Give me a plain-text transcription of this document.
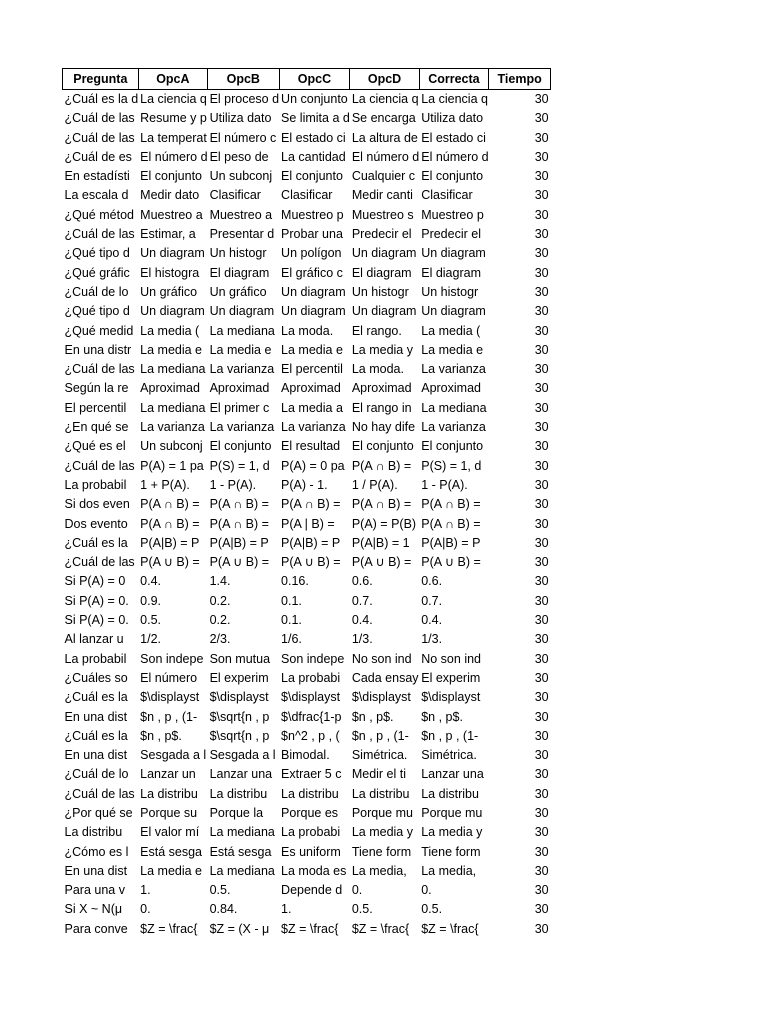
Pregunta	OpcA	OpcB	OpcC	OpcD	Correcta	Tiempo
¿Cuál es la d	La ciencia q	El proceso d	Un conjunto	La ciencia q	La ciencia q	30
¿Cuál de las	Resume y p	Utiliza dato	Se limita a d	Se encarga	Utiliza dato	30
¿Cuál de las	La temperat	El número c	El estado ci	La altura de	El estado ci	30
¿Cuál de es	El número d	El peso de	La cantidad	El número d	El número d	30
En estadísti	El conjunto	Un subconj	El conjunto	Cualquier c	El conjunto	30
La escala d	Medir dato	Clasificar	Clasificar	Medir canti	Clasificar	30
¿Qué métod	Muestreo a	Muestreo a	Muestreo p	Muestreo s	Muestreo p	30
¿Cuál de las	Estimar, a	Presentar d	Probar una	Predecir el	Predecir el	30
¿Qué tipo d	Un diagram	Un histogr	Un polígon	Un diagram	Un diagram	30
¿Qué gráfic	El histogra	El diagram	El gráfico c	El diagram	El diagram	30
¿Cuál de lo	Un gráfico	Un gráfico	Un diagram	Un histogr	Un histogr	30
¿Qué tipo d	Un diagram	Un diagram	Un diagram	Un diagram	Un diagram	30
¿Qué medid	La media (	La mediana	La moda.	El rango.	La media (	30
En una distr	La media e	La media e	La media e	La media y	La media e	30
¿Cuál de las	La mediana	La varianza	El percentil	La moda.	La varianza	30
Según la re	Aproximad	Aproximad	Aproximad	Aproximad	Aproximad	30
El percentil	La mediana	El primer c	La media a	El rango in	La mediana	30
¿En qué se	La varianza	La varianza	La varianza	No hay dife	La varianza	30
¿Qué es el	Un subconj	El conjunto	El resultad	El conjunto	El conjunto	30
¿Cuál de las	P(A) = 1 pa	P(S) = 1, d	P(A) = 0 pa	P(A ∩ B) =	P(S) = 1, d	30
La probabil	1 + P(A).	1 - P(A).	P(A) - 1.	1 / P(A).	1 - P(A).	30
Si dos even	P(A ∩ B) =	P(A ∩ B) =	P(A ∩ B) =	P(A ∩ B) =	P(A ∩ B) =	30
Dos evento	P(A ∩ B) =	P(A ∩ B) =	P(A | B) =	P(A) = P(B)	P(A ∩ B) =	30
¿Cuál es la	P(A|B) = P	P(A|B) = P	P(A|B) = P	P(A|B) = 1	P(A|B) = P	30
¿Cuál de las	P(A ∪ B) =	P(A ∪ B) =	P(A ∪ B) =	P(A ∪ B) =	P(A ∪ B) =	30
Si P(A) = 0	0.4.	1.4.	0.16.	0.6.	0.6.	30
Si P(A) = 0.	0.9.	0.2.	0.1.	0.7.	0.7.	30
Si P(A) = 0.	0.5.	0.2.	0.1.	0.4.	0.4.	30
Al lanzar u	1/2.	2/3.	1/6.	1/3.	1/3.	30
La probabil	Son indepe	Son mutua	Son indepe	No son ind	No son ind	30
¿Cuáles so	El número	El experim	La probabi	Cada ensay	El experim	30
¿Cuál es la	$\displayst	$\displayst	$\displayst	$\displayst	$\displayst	30
En una dist	$n , p , (1-	$\sqrt{n , p	$\dfrac{1-p	$n , p$.	$n , p$.	30
¿Cuál es la	$n , p$.	$\sqrt{n , p	$n^2 , p , (	$n , p , (1-	$n , p , (1-	30
En una dist	Sesgada a l	Sesgada a l	Bimodal.	Simétrica.	Simétrica.	30
¿Cuál de lo	Lanzar un	Lanzar una	Extraer 5 c	Medir el ti	Lanzar una	30
¿Cuál de las	La distribu	La distribu	La distribu	La distribu	La distribu	30
¿Por qué se	Porque su	Porque la	Porque es	Porque mu	Porque mu	30
La distribu	El valor mí	La mediana	La probabi	La media y	La media y	30
¿Cómo es l	Está sesga	Está sesga	Es uniform	Tiene form	Tiene form	30
En una dist	La media e	La mediana	La moda es	La media,	La media,	30
Para una v	1.	0.5.	Depende d	0.	0.	30
Si X ~ N(μ	0.	0.84.	1.	0.5.	0.5.	30
Para conve	$Z = \frac{	$Z = (X - μ	$Z = \frac{	$Z = \frac{	$Z = \frac{	30
